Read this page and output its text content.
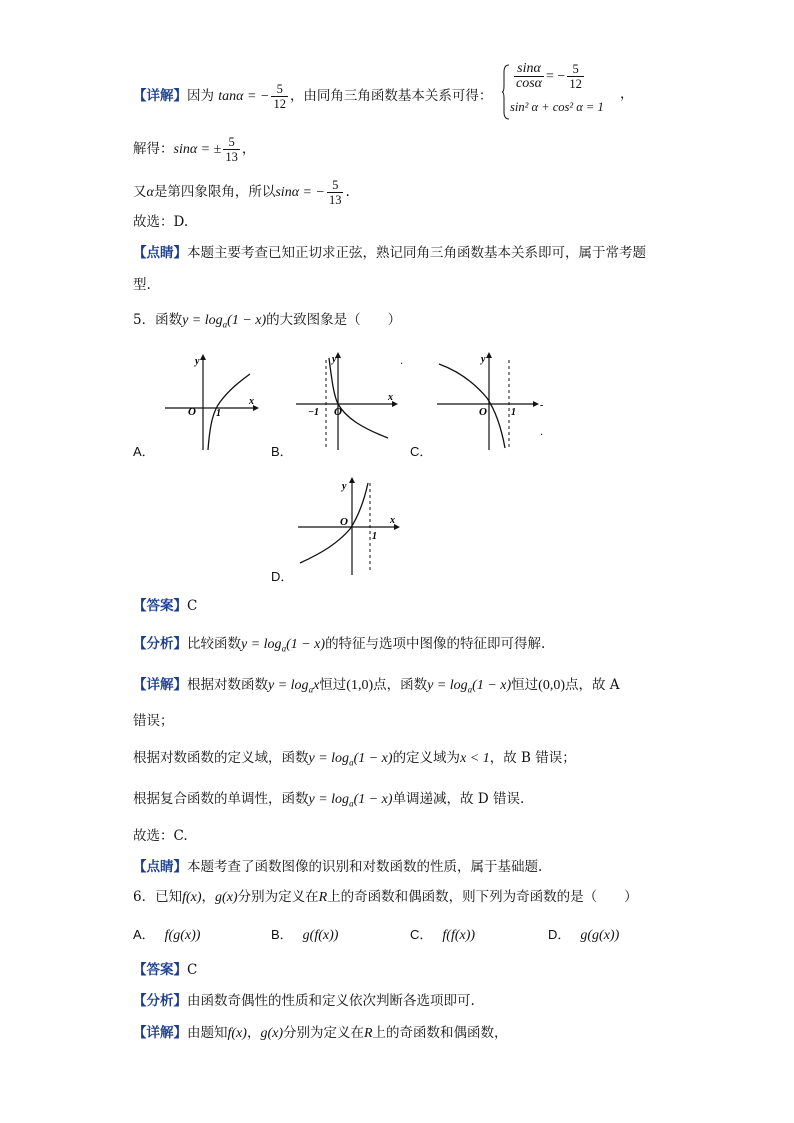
【详解】因为 tanα = − $\frac{5}{12}$ ，由同角三角函数基本关系可得：
$\frac{\sin\alpha}{\cos\alpha}$ = − $\frac{5}{12}$
sin² α + cos² α = 1
，
解得：sinα = ± $\frac{5}{13}$ ，
又α是第四象限角，所以sinα = − $\frac{5}{13}$ .
故选：D.
【点睛】本题主要考查已知正切求正弦，熟记同角三角函数基本关系即可，属于常考题
型.
5．函数$y = \log_a(1 - x)$的大致图象是（　　）
A．
O 1
y
x
B．
−1 O
y
x
·
C．
O 1
y
-
·
D．
O
1
y
x
【答案】C
【分析】比较函数$y = \log_a(1 - x)$的特征与选项中图像的特征即可得解.
【详解】根据对数函数$y = \log_ax$恒过(1,0)点，函数$y = \log_a(1 - x)$恒过(0,0)点，故 A
错误；
根据对数函数的定义域，函数$y = \log_a(1 - x)$的定义域为x < 1，故 B 错误；
根据复合函数的单调性，函数$y = \log_a(1 - x)$单调递减，故 D 错误.
故选：C.
【点睛】本题考查了函数图像的识别和对数函数的性质，属于基础题.
6．已知f(x)，g(x)分别为定义在R上的奇函数和偶函数，则下列为奇函数的是（　　）
A． f(g(x))	B． g(f(x))	C． f(f(x))	D． g(g(x))
【答案】C
【分析】由函数奇偶性的性质和定义依次判断各选项即可.
【详解】由题知f(x)，g(x)分别为定义在R上的奇函数和偶函数，
